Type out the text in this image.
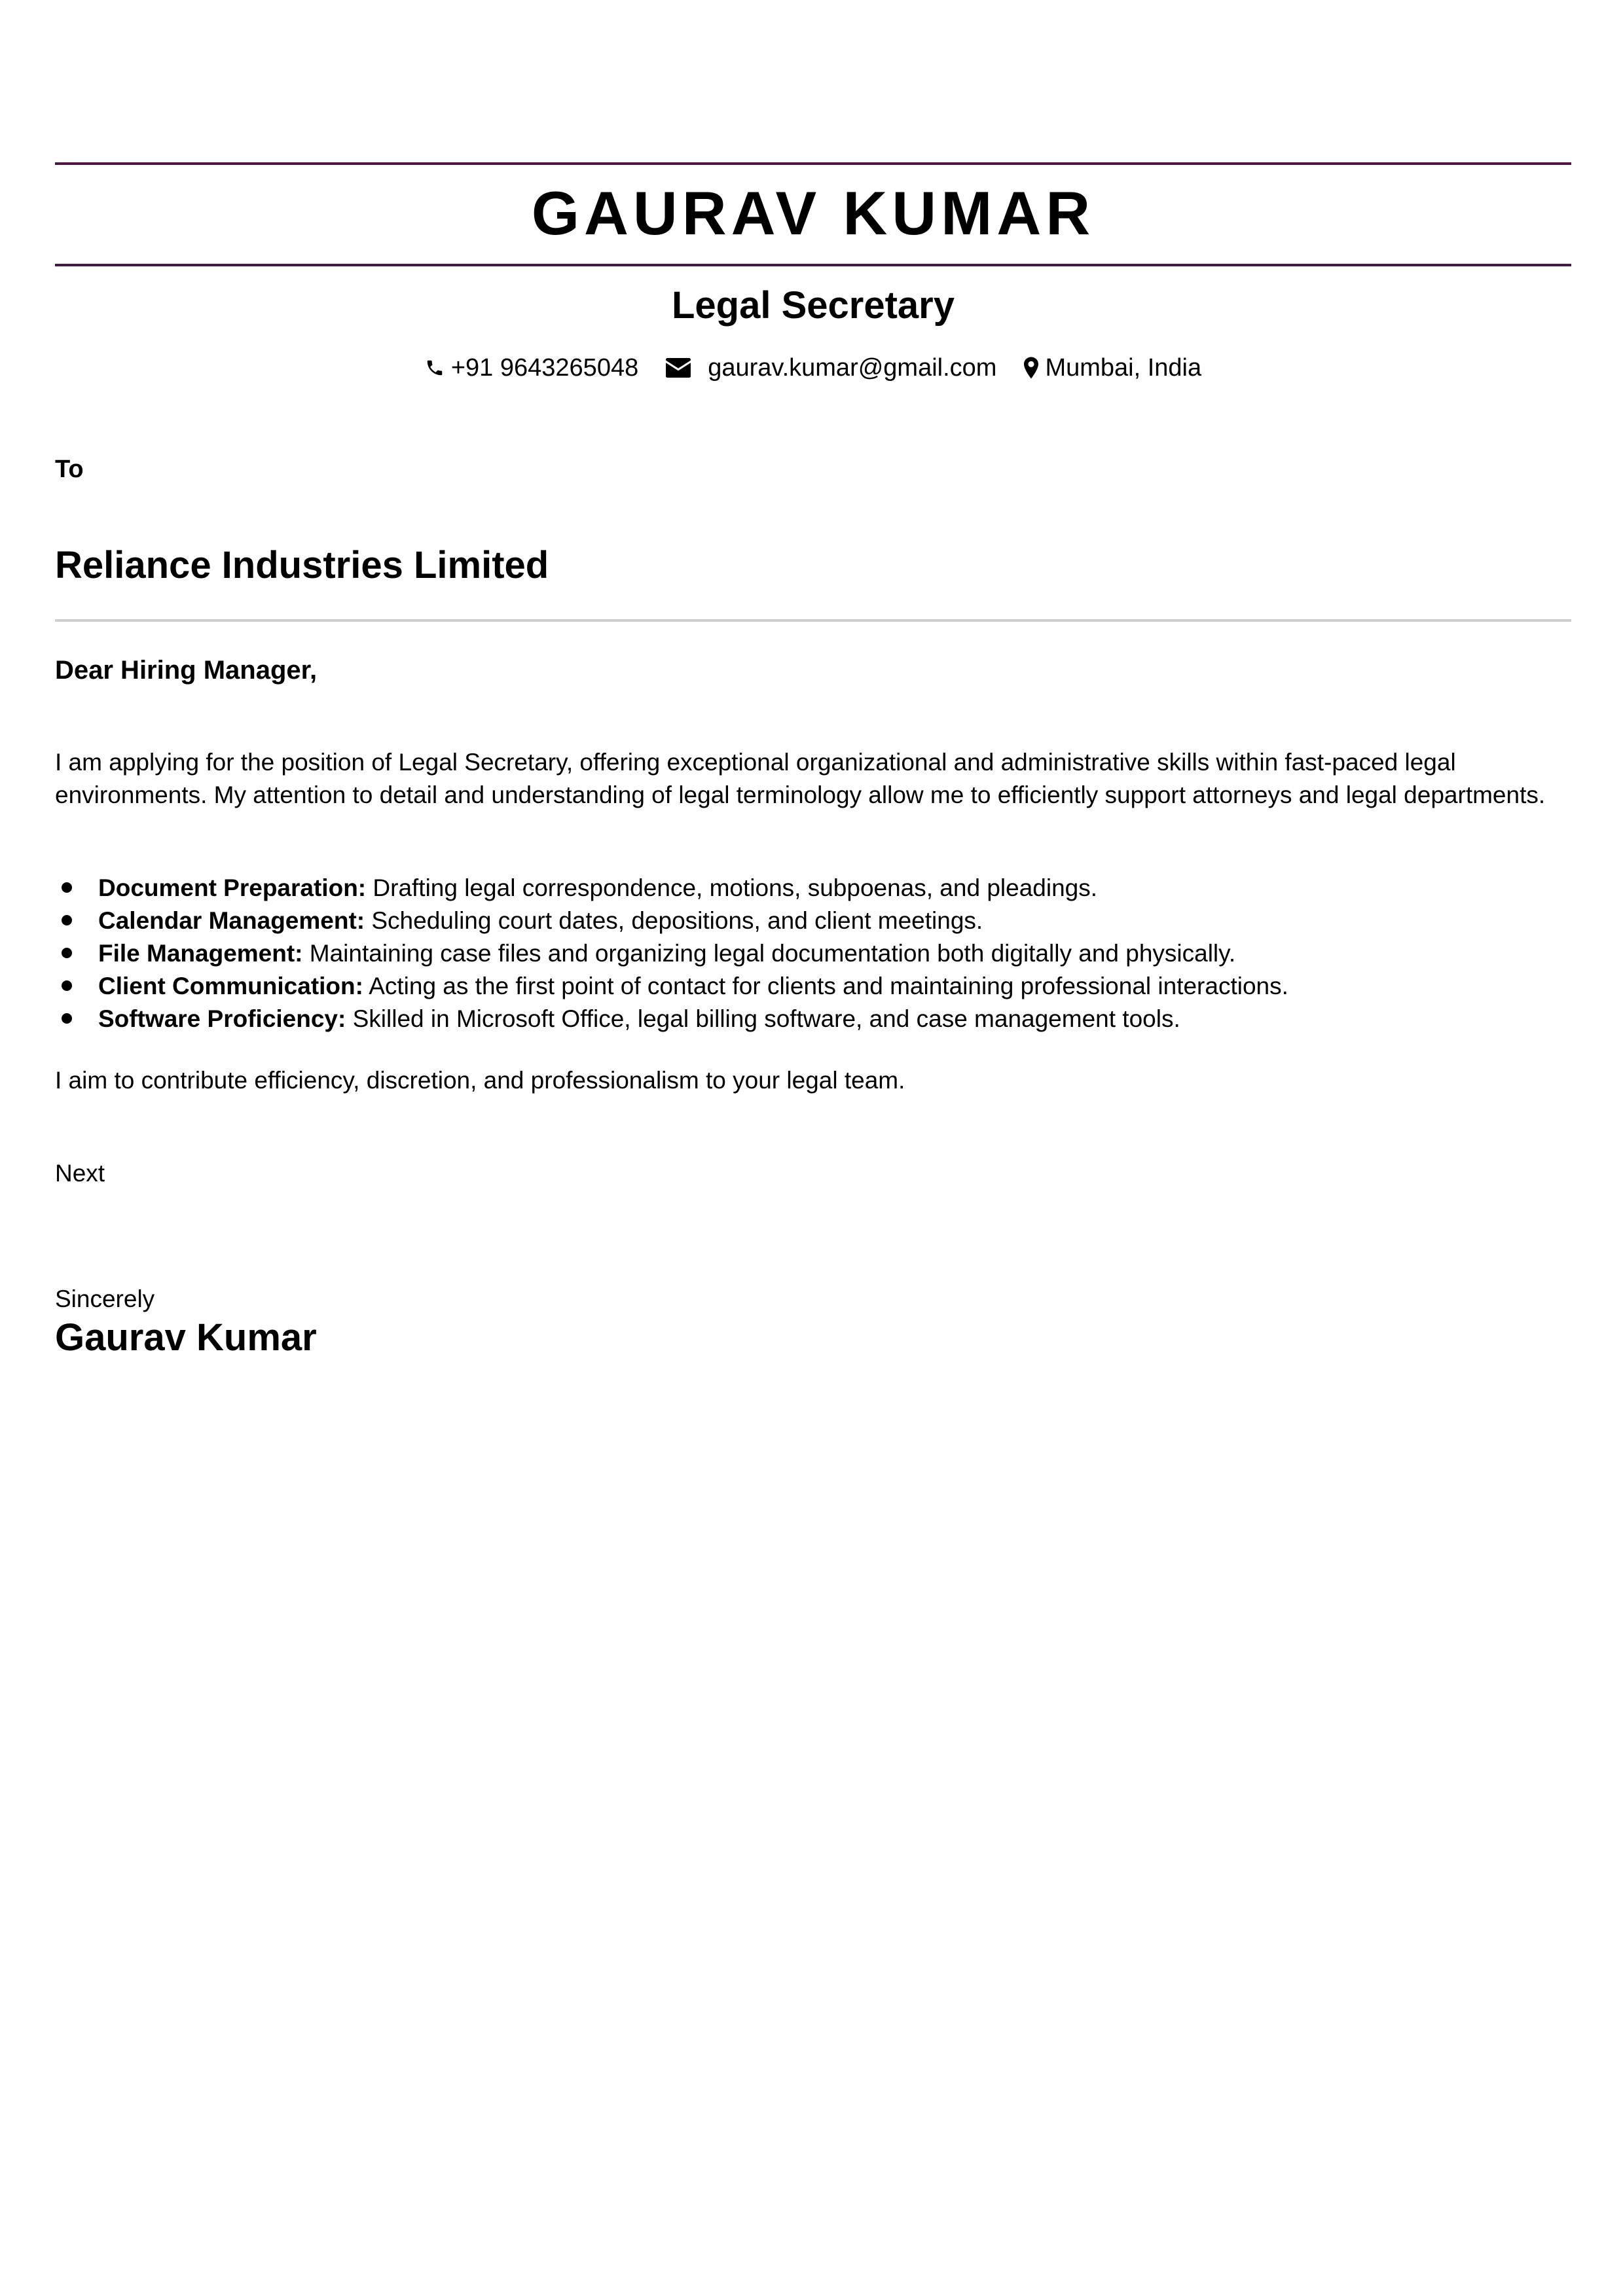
GAURAV KUMAR
Legal Secretary
+91 9643265048	gaurav.kumar@gmail.com Mumbai, India
To
Reliance Industries Limited
Dear Hiring Manager,

I am applying for the position of Legal Secretary, offering exceptional organizational and administrative skills within fast-paced legal environments. My attention to detail and understanding of legal terminology allow me to efficiently support attorneys and legal departments.

Document Preparation: Drafting legal correspondence, motions, subpoenas, and pleadings.
Calendar Management: Scheduling court dates, depositions, and client meetings.
File Management: Maintaining case files and organizing legal documentation both digitally and physically.
Client Communication: Acting as the first point of contact for clients and maintaining professional interactions.
Software Proficiency: Skilled in Microsoft Office, legal billing software, and case management tools.
I aim to contribute efficiency, discretion, and professionalism to your legal team.
Next
Sincerely
Gaurav Kumar
